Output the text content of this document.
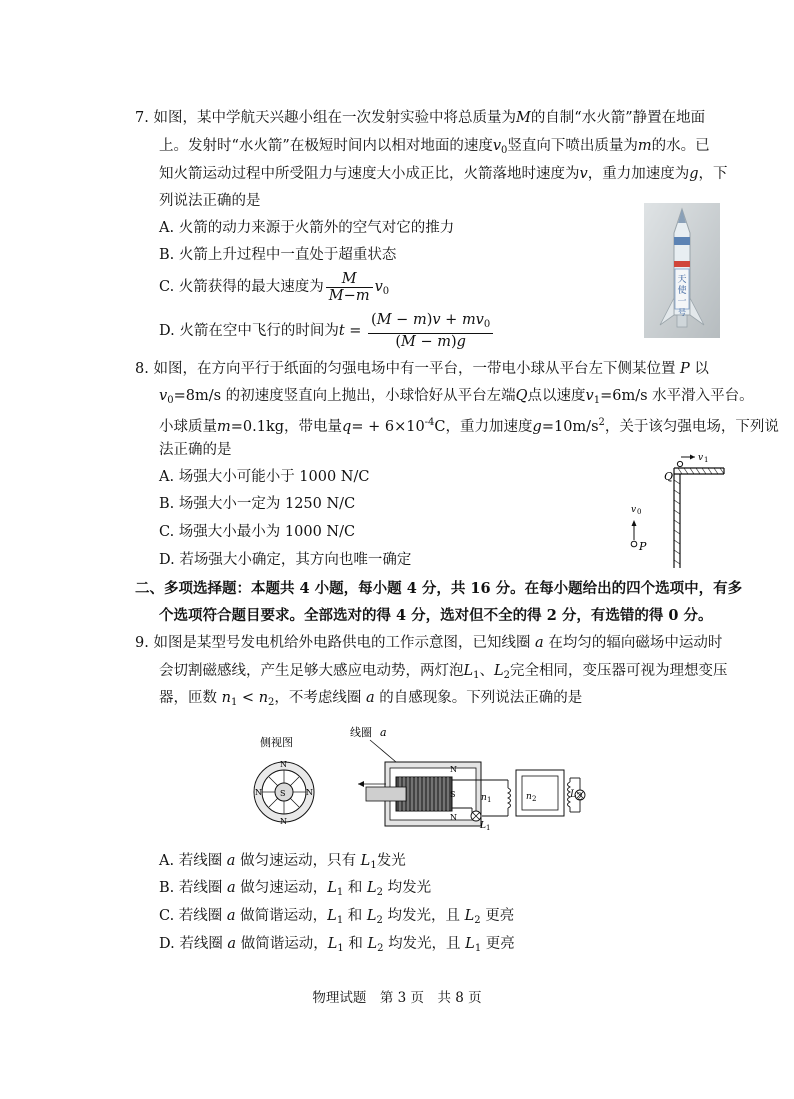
7. 如图，某中学航天兴趣小组在一次发射实验中将总质量为M的自制“水火箭”静置在地面
上。发射时“水火箭”在极短时间内以相对地面的速度$v_0$竖直向下喷出质量为m的水。已
知火箭运动过程中所受阻力与速度大小成正比，火箭落地时速度为v，重力加速度为g，下
列说法正确的是
A. 火箭的动力来源于火箭外的空气对它的推力
B. 火箭上升过程中一直处于超重状态
C. 火箭获得的最大速度为 $\frac{M}{M-m} v_0$
D. 火箭在空中飞行的时间为$t = \frac{(M - m)v + mv_0}{(M - m)g}$
天
使
一
号
8. 如图，在方向平行于纸面的匀强电场中有一平台，一带电小球从平台左下侧某位置 P 以
$v_0=8m/s$ 的初速度竖直向上抛出，小球恰好从平台左端Q点以速度$v_1=6m/s$ 水平滑入平台。
小球质量m=0.1kg，带电量$q= + 6\times 10^{-4}C$，重力加速度$g=10m/s^2$，关于该匀强电场，下列说
法正确的是
A. 场强大小可能小于 1000 N/C
B. 场强大小一定为 1250 N/C
C. 场强大小最小为 1000 N/C
D. 若场强大小确定，其方向也唯一确定
v 1
Q
v 0
P
二、多项选择题：本题共 4 小题，每小题 4 分，共 16 分。在每小题给出的四个选项中，有多
个选项符合题目要求。全部选对的得 4 分，选对但不全的得 2 分，有选错的得 0 分。
9. 如图是某型号发电机给外电路供电的工作示意图，已知线圈 a 在均匀的辐向磁场中运动时
会切割磁感线，产生足够大感应电动势，两灯泡$L_1$、$L_2$完全相同，变压器可视为理想变压
器，匝数 $n_1 < n_2$，不考虑线圈 a 的自感现象。下列说法正确的是
侧视图
S
N
N
N	N
线圈 a
N
S
N
L 1
n 1	n 2	$L_2$
A. 若线圈 a 做匀速运动，只有 $L_1$发光
B. 若线圈 a 做匀速运动，$L_1$ 和 $L_2$ 均发光
C. 若线圈 a 做简谐运动，$L_1$ 和 $L_2$ 均发光，且 $L_2$ 更亮
D. 若线圈 a 做简谐运动，$L_1$ 和 $L_2$ 均发光，且 $L_1$ 更亮
物理试题　第 3 页　共 8 页
